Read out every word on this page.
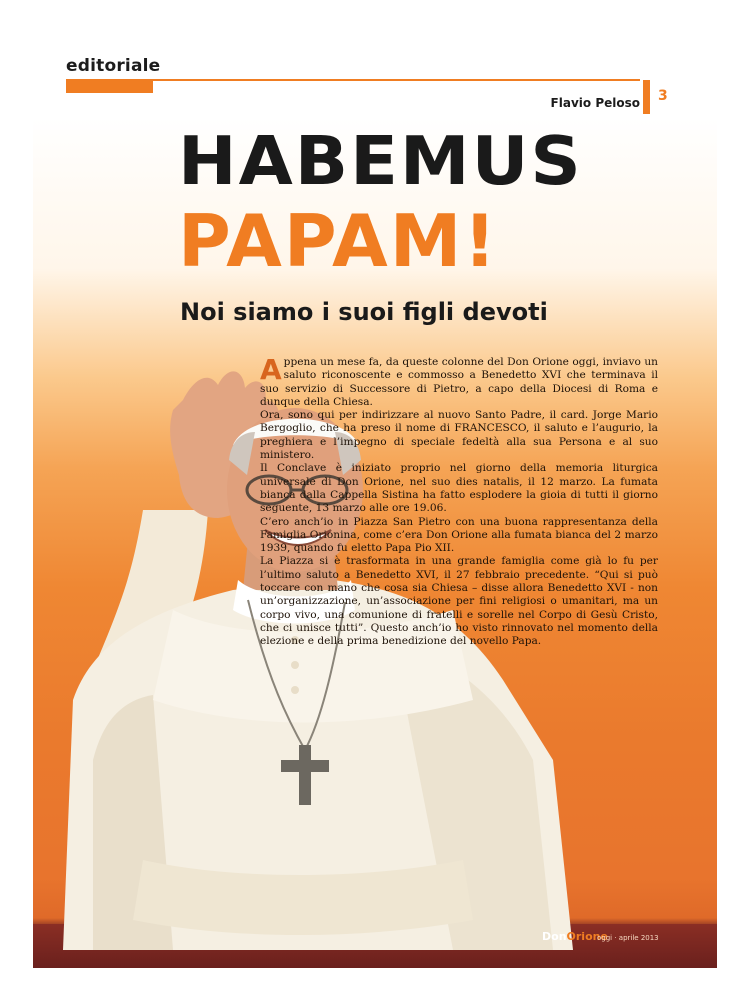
editoriale
Flavio Peloso 3
HABEMUS
PAPAM!
Noi siamo i suoi figli devoti
A ppena un mese fa, da queste colonne del Don Orione oggi, inviavo un saluto riconoscente e commosso a Benedetto XVI che terminava il suo servizio di Successore di Pietro, a capo della Diocesi di Roma e dunque della Chiesa.

Ora, sono qui per indirizzare al nuovo Santo Padre, il card. Jorge Mario Bergoglio, che ha preso il nome di FRANCESCO, il saluto e l’augurio, la preghiera e l’impegno di speciale fedeltà alla sua Persona e al suo ministero.

Il Conclave è iniziato proprio nel giorno della memoria liturgica universale di Don Orione, nel suo dies natalis, il 12 marzo. La fumata bianca dalla Cappella Sistina ha fatto esplodere la gioia di tutti il giorno seguente, 13 marzo alle ore 19.06.

C’ero anch’io in Piazza San Pietro con una buona rappresentanza della Famiglia Orionina, come c’era Don Orione alla fumata bianca del 2 marzo 1939, quando fu eletto Papa Pio XII.

La Piazza si è trasformata in una grande famiglia come già lo fu per l’ultimo saluto a Benedetto XVI, il 27 febbraio precedente. “Qui si può toccare con mano che cosa sia Chiesa – disse allora Benedetto XVI - non un’organizzazione, un’associazione per fini religiosi o umanitari, ma un corpo vivo, una comunione di fratelli e sorelle nel Corpo di Gesù Cristo, che ci unisce tutti”. Questo anch’io ho visto rinnovato nel momento della elezione e della prima benedizione del novello Papa.

DonOrione
oggi · aprile 2013
